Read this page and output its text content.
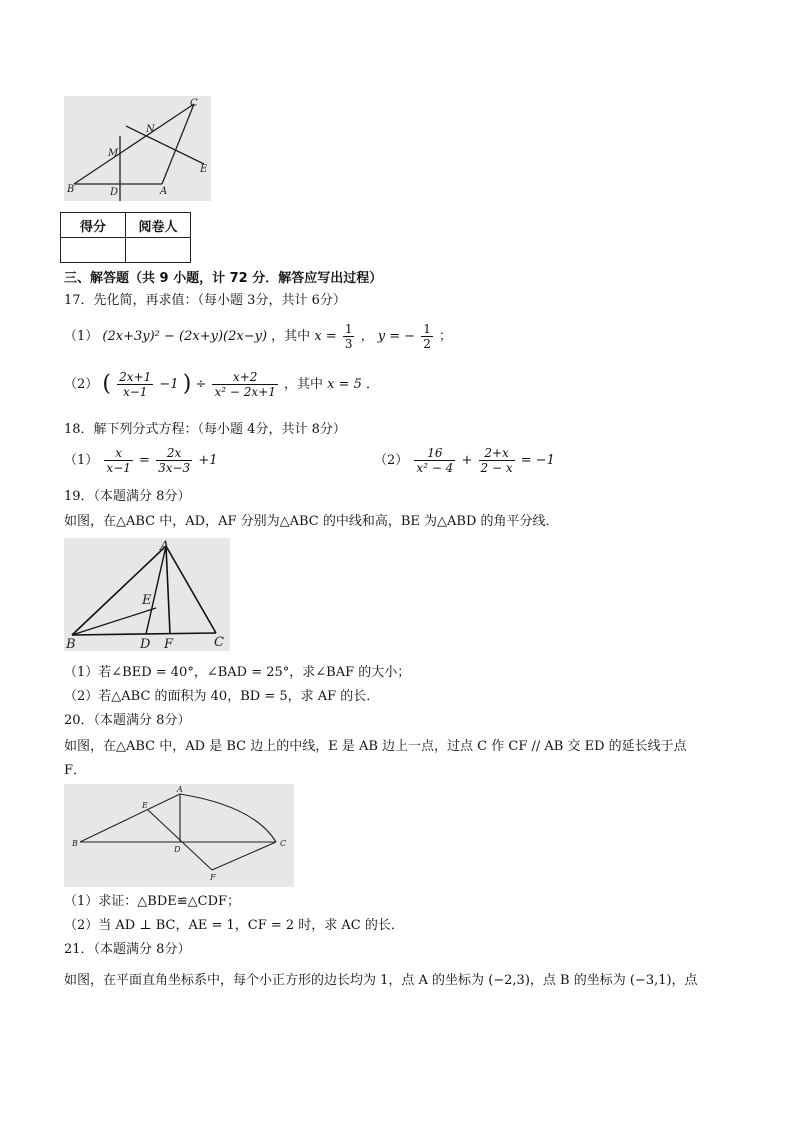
C
N
M
E
B	D	A
得分	阅卷人

三、解答题（共 9 小题，计 72 分．解答应写出过程）
17．先化简，再求值：（每小题 3分，共计 6分）
（1） (2x+3y)² − (2x+y)(2x−y) ，其中 $x = \frac{1}{3}$ ， y = − $\frac{1}{2}$ ；
（2） ( $\frac{2x+1}{x-1} -1$ ) ÷ $\frac{x+2}{\text{x² − 2x+1}}$ ，其中 x = 5 ．
18．解下列分式方程：（每小题 4分，共计 8分）
$(1) \frac{x}{x-1} = \frac{2x}{3x-3} +1$	$(2) \frac{16}{\text{x² − 4}} + \frac{2+x}{2 - x} = -1$
19．（本题满分 8分）
如图，在△ABC 中，AD，AF 分别为△ABC 的中线和高，BE 为△ABD 的角平分线．
A
E
B	D F	C
（1）若∠BED = 40°，∠BAD = 25°，求∠BAF 的大小；
（2）若△ABC 的面积为 40，BD = 5，求 AF 的长．
20．（本题满分 8分）
如图，在△ABC 中，AD 是 BC 边上的中线，E 是 AB 边上一点，过点 C 作 CF // AB 交 ED 的延长线于点
F．
E
A
B
D
C
F
（1）求证：△BDE≌△CDF；
（2）当 AD ⊥ BC，AE = 1，CF = 2 时，求 AC 的长．
21．（本题满分 8分）
如图，在平面直角坐标系中，每个小正方形的边长均为 1，点 A 的坐标为 (−2,3)，点 B 的坐标为 (−3,1)，点
